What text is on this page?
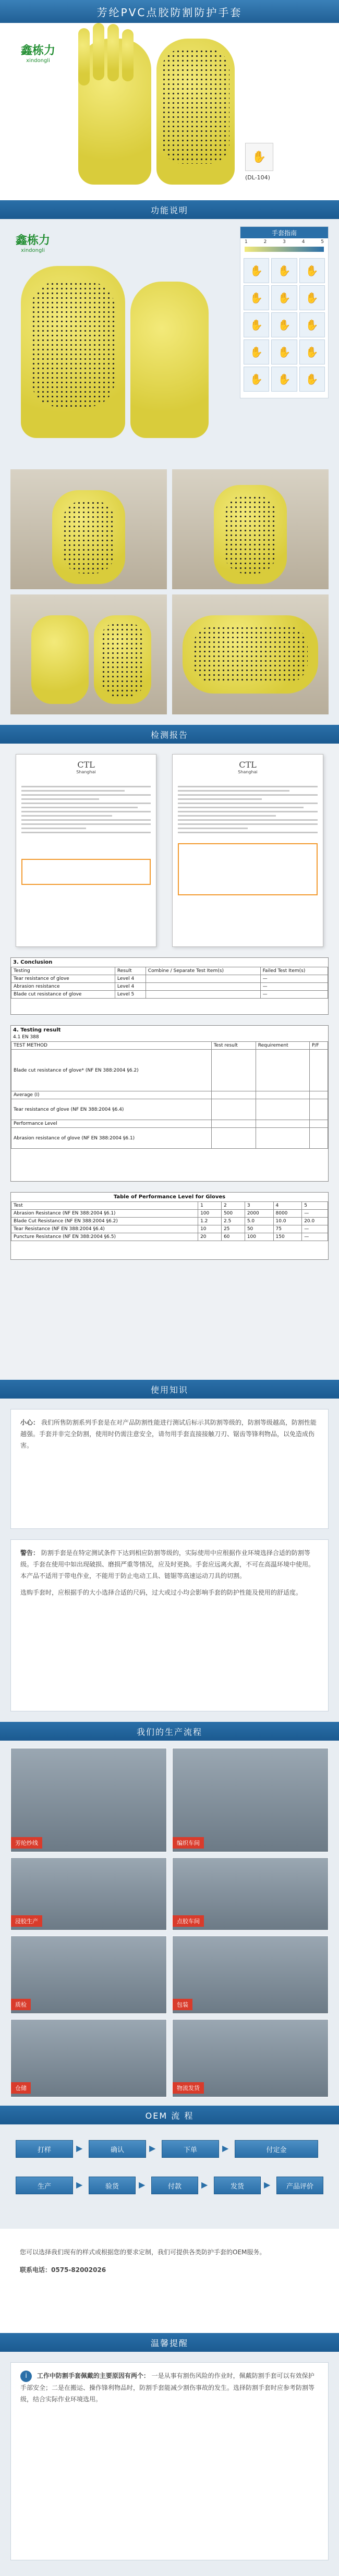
芳纶PVC点胶防割防护手套
鑫栋力
xindongli
✋
(DL-104)
功能说明
鑫栋力
xindongli
手套指南
1	2	3	4	5
✋	✋	✋
✋	✋	✋
✋	✋	✋
✋	✋	✋
✋	✋	✋
检测报告
CTL
Shanghai
CTL
Shanghai
3. Conclusion
Testing	Result	Combine / Separate Test Item(s)	Failed Test Item(s)
Tear resistance of glove	Level 4		—
Abrasion resistance	Level 4		—
Blade cut resistance of glove	Level 5		—
4. Testing result
4.1 EN 388
TEST METHOD	Test result	Requirement	P/F
Blade cut resistance of glove* (NF EN 388:2004 §6.2)			
Average (I)			
Tear resistance of glove (NF EN 388:2004 §6.4)			
Performance Level			
Abrasion resistance of glove (NF EN 388:2004 §6.1)			
Table of Performance Level for Gloves
Test	1	2	3	4	5
Abrasion Resistance (NF EN 388:2004 §6.1)	100	500	2000	8000	—
Blade Cut Resistance (NF EN 388:2004 §6.2)	1.2	2.5	5.0	10.0	20.0
Tear Resistance (NF EN 388:2004 §6.4)	10	25	50	75	—
Puncture Resistance (NF EN 388:2004 §6.5)	20	60	100	150	—
使用知识
小心： 我们所售防割系列手套是在对产品防割性能进行测试后标示其防割等级的，防割等级越高，防割性能越强。手套并非完全防割，使用时仍需注意安全，请勿用手套直接接触刀刃、锯齿等锋利物品，以免造成伤害。
警告： 防割手套是在特定测试条件下达到相应防割等级的，实际使用中应根据作业环境选择合适的防割等级。手套在使用中如出现破损、磨损严重等情况，应及时更换。手套应远离火源，不可在高温环境中使用。本产品不适用于带电作业，不能用于防止电动工具、链锯等高速运动刀具的切割。

选购手套时，应根据手的大小选择合适的尺码，过大或过小均会影响手套的防护性能及使用的舒适度。

我们的生产流程
芳纶纱线	编织车间
浸胶生产	点胶车间
质检	包装
仓储	物流发货
OEM 流 程
打样	▶	确认	▶	下单	▶	付定金
生产	▶	验货	▶	付款	▶	发货	▶	产品评价

您可以选择我们现有的样式或根据您的要求定制，我们可提供各类防护手套的OEM服务。

联系电话：0575-82002026

温馨提醒
i 工作中防割手套佩戴的主要原因有两个： 一是从事有割伤风险的作业时，佩戴防割手套可以有效保护手部安全；二是在搬运、操作锋利物品时，防割手套能减少割伤事故的发生。选择防割手套时应参考防割等级，结合实际作业环境选用。
